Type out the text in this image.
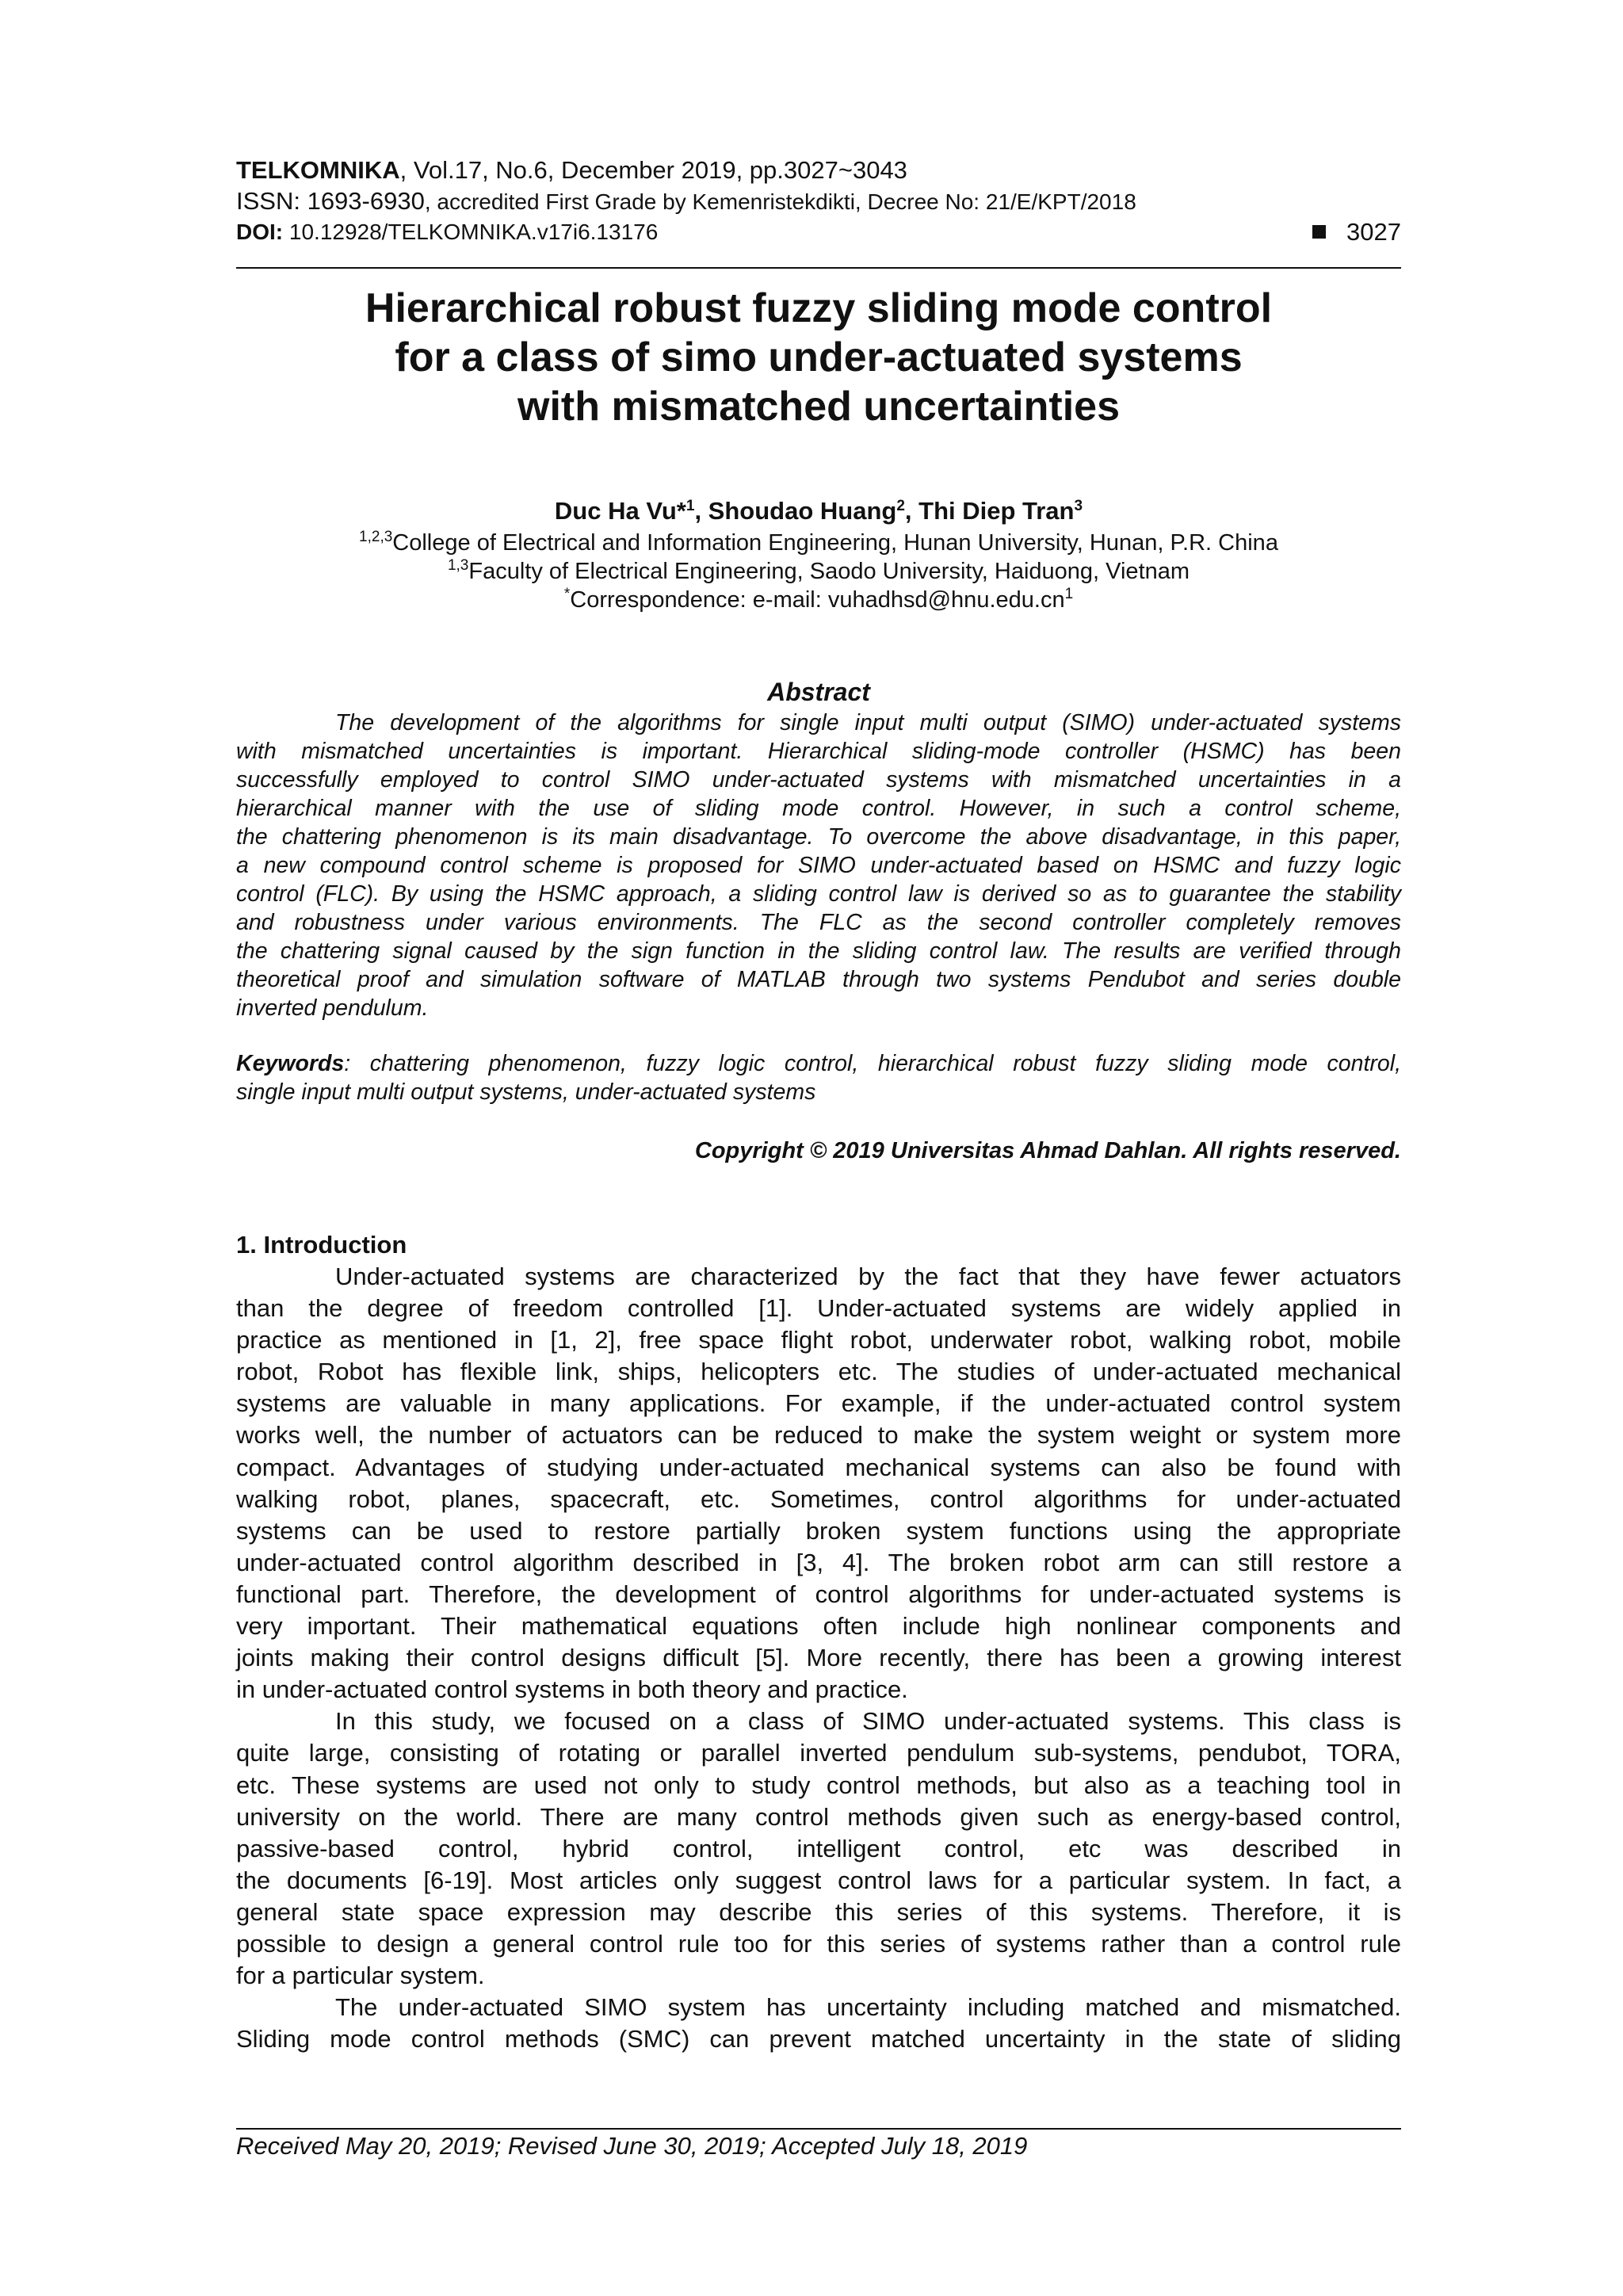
TELKOMNIKA, Vol.17, No.6, December 2019, pp.3027~3043
ISSN: 1693-6930, accredited First Grade by Kemenristekdikti, Decree No: 21/E/KPT/2018
DOI: 10.12928/TELKOMNIKA.v17i6.13176	3027
Hierarchical robust fuzzy sliding mode control
for a class of simo under-actuated systems
with mismatched uncertainties
Duc Ha Vu*$^1$, Shoudao Huang$^2$, Thi Diep Tran$^3$
$^{1,2,3}$College of Electrical and Information Engineering, Hunan University, Hunan, P.R. China
$^{1,3}$Faculty of Electrical Engineering, Saodo University, Haiduong, Vietnam
*Correspondence: e-mail: $vuhadhsd@hnu.edu.cn^1$
Abstract
The development of the algorithms for single input multi output (SIMO) under-actuated systems
with mismatched uncertainties is important. Hierarchical sliding-mode controller (HSMC) has been
successfully employed to control SIMO under-actuated systems with mismatched uncertainties in a
hierarchical manner with the use of sliding mode control. However, in such a control scheme,
the chattering phenomenon is its main disadvantage. To overcome the above disadvantage, in this paper,
a new compound control scheme is proposed for SIMO under-actuated based on HSMC and fuzzy logic
control (FLC). By using the HSMC approach, a sliding control law is derived so as to guarantee the stability
and robustness under various environments. The FLC as the second controller completely removes
the chattering signal caused by the sign function in the sliding control law. The results are verified through
theoretical proof and simulation software of MATLAB through two systems Pendubot and series double
inverted pendulum.
Keywords: chattering phenomenon, fuzzy logic control, hierarchical robust fuzzy sliding mode control,
single input multi output systems, under-actuated systems
Copyright © 2019 Universitas Ahmad Dahlan. All rights reserved.
1. Introduction
Under-actuated systems are characterized by the fact that they have fewer actuators
than the degree of freedom controlled [1]. Under-actuated systems are widely applied in
practice as mentioned in [1, 2], free space flight robot, underwater robot, walking robot, mobile
robot, Robot has flexible link, ships, helicopters etc. The studies of under-actuated mechanical
systems are valuable in many applications. For example, if the under-actuated control system
works well, the number of actuators can be reduced to make the system weight or system more
compact. Advantages of studying under-actuated mechanical systems can also be found with
walking robot, planes, spacecraft, etc. Sometimes, control algorithms for under-actuated
systems can be used to restore partially broken system functions using the appropriate
under-actuated control algorithm described in [3, 4]. The broken robot arm can still restore a
functional part. Therefore, the development of control algorithms for under-actuated systems is
very important. Their mathematical equations often include high nonlinear components and
joints making their control designs difficult [5]. More recently, there has been a growing interest
in under-actuated control systems in both theory and practice.
In this study, we focused on a class of SIMO under-actuated systems. This class is
quite large, consisting of rotating or parallel inverted pendulum sub-systems, pendubot, TORA,
etc. These systems are used not only to study control methods, but also as a teaching tool in
university on the world. There are many control methods given such as energy-based control,
passive-based control, hybrid control, intelligent control, etc was described in
the documents [6-19]. Most articles only suggest control laws for a particular system. In fact, a
general state space expression may describe this series of this systems. Therefore, it is
possible to design a general control rule too for this series of systems rather than a control rule
for a particular system.
The under-actuated SIMO system has uncertainty including matched and mismatched.
Sliding mode control methods (SMC) can prevent matched uncertainty in the state of sliding
Received May 20, 2019; Revised June 30, 2019; Accepted July 18, 2019
